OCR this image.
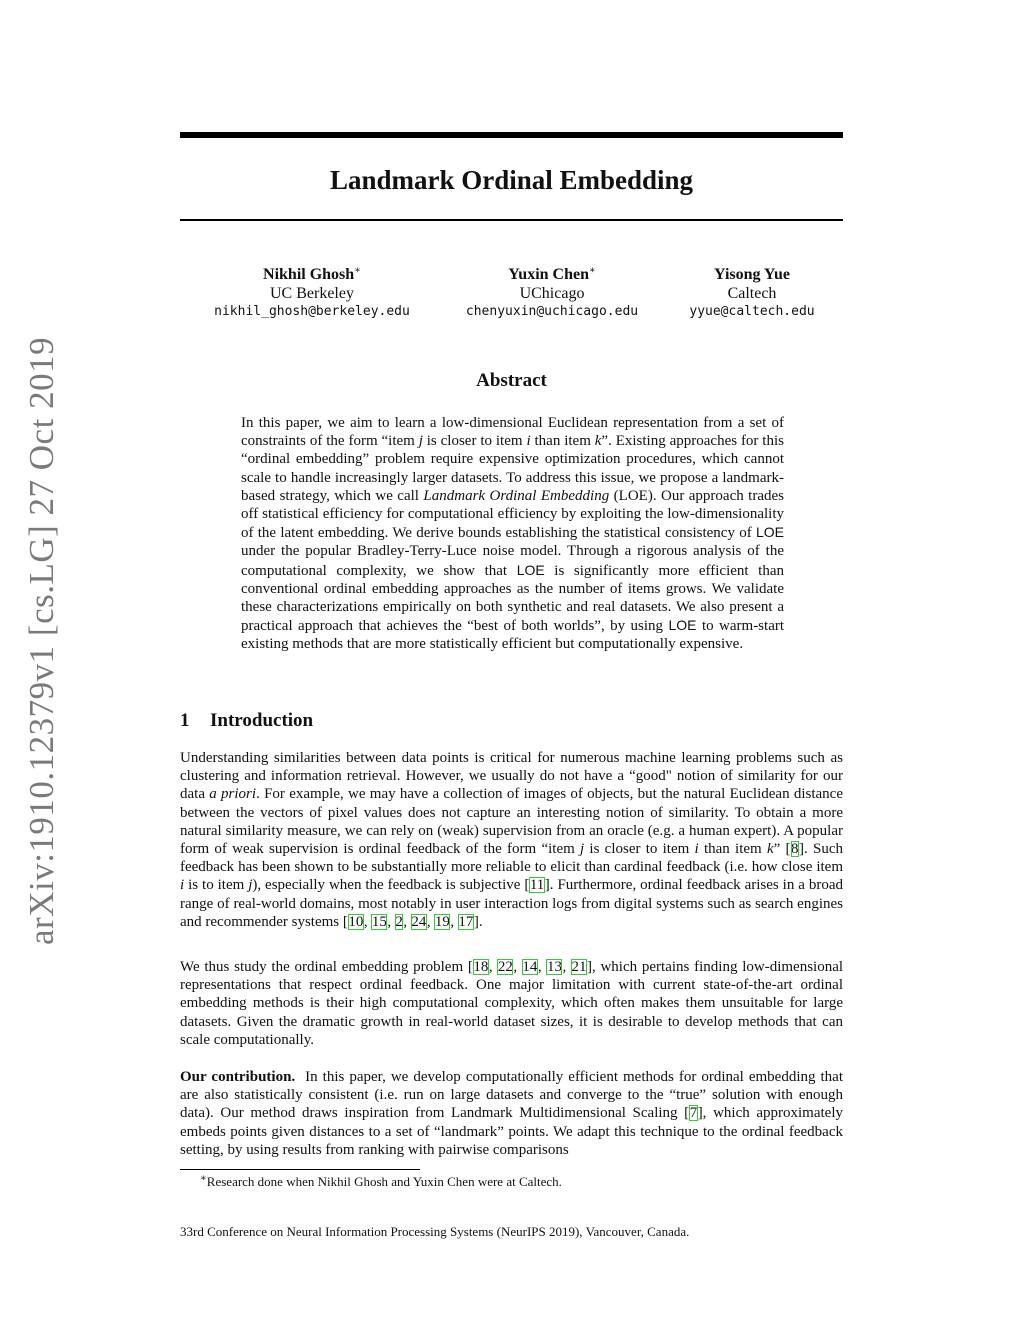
arXiv:1910.12379v1 [cs.LG] 27 Oct 2019
Landmark Ordinal Embedding
Nikhil Ghosh∗
UC Berkeley
nikhil_ghosh@berkeley.edu
Yuxin Chen∗
UChicago
chenyuxin@uchicago.edu
Yisong Yue
Caltech
yyue@caltech.edu
Abstract
In this paper, we aim to learn a low-dimensional Euclidean representation from a set of constraints of the form “item j is closer to item i than item k”. Existing approaches for this “ordinal embedding” problem require expensive optimization procedures, which cannot scale to handle increasingly larger datasets. To address this issue, we propose a landmark-based strategy, which we call Landmark Ordinal Embedding (LOE). Our approach trades off statistical efficiency for computational efficiency by exploiting the low-dimensionality of the latent embedding. We derive bounds establishing the statistical consistency of LOE under the popular Bradley-Terry-Luce noise model. Through a rigorous analysis of the computational complexity, we show that LOE is significantly more efficient than conventional ordinal embedding approaches as the number of items grows. We validate these characterizations empirically on both synthetic and real datasets. We also present a practical approach that achieves the “best of both worlds”, by using LOE to warm-start existing methods that are more statistically efficient but computationally expensive.
1 Introduction

Understanding similarities between data points is critical for numerous machine learning problems such as clustering and information retrieval. However, we usually do not have a “good" notion of similarity for our data a priori. For example, we may have a collection of images of objects, but the natural Euclidean distance between the vectors of pixel values does not capture an interesting notion of similarity. To obtain a more natural similarity measure, we can rely on (weak) supervision from an oracle (e.g. a human expert). A popular form of weak supervision is ordinal feedback of the form “item j is closer to item i than item k” [8]. Such feedback has been shown to be substantially more reliable to elicit than cardinal feedback (i.e. how close item i is to item j), especially when the feedback is subjective [11]. Furthermore, ordinal feedback arises in a broad range of real-world domains, most notably in user interaction logs from digital systems such as search engines and recommender systems [10, 15, 2, 24, 19, 17].

We thus study the ordinal embedding problem [18, 22, 14, 13, 21], which pertains finding low-dimensional representations that respect ordinal feedback. One major limitation with current state-of-the-art ordinal embedding methods is their high computational complexity, which often makes them unsuitable for large datasets. Given the dramatic growth in real-world dataset sizes, it is desirable to develop methods that can scale computationally.

Our contribution. In this paper, we develop computationally efficient methods for ordinal embedding that are also statistically consistent (i.e. run on large datasets and converge to the “true” solution with enough data). Our method draws inspiration from Landmark Multidimensional Scaling [7], which approximately embeds points given distances to a set of “landmark” points. We adapt this technique to the ordinal feedback setting, by using results from ranking with pairwise comparisons

∗Research done when Nikhil Ghosh and Yuxin Chen were at Caltech.
33rd Conference on Neural Information Processing Systems (NeurIPS 2019), Vancouver, Canada.
